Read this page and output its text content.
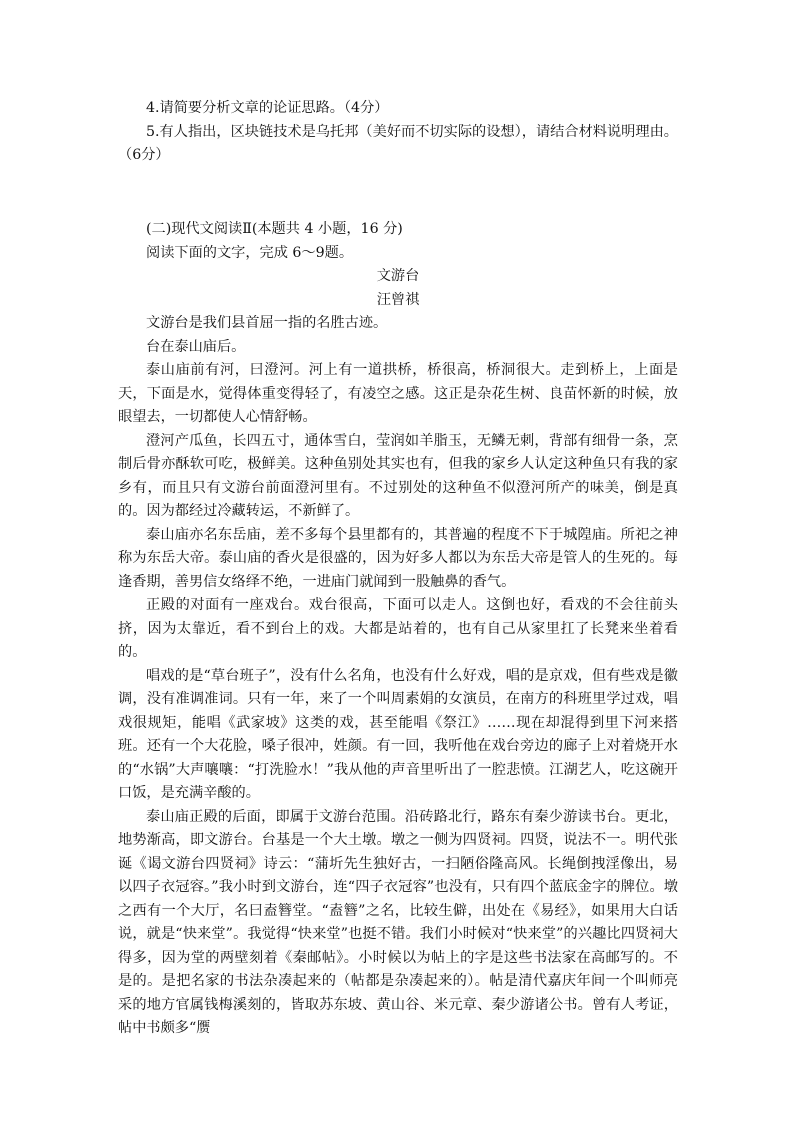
4.请简要分析文章的论证思路。（4分）

5.有人指出，区块链技术是乌托邦（美好而不切实际的设想），请结合材料说明理由。（6分）

(二)现代文阅读Ⅱ(本题共 4 小题，16 分)

阅读下面的文字，完成 6～9题。

文游台

汪曾祺

文游台是我们县首屈一指的名胜古迹。

台在泰山庙后。

泰山庙前有河，曰澄河。河上有一道拱桥，桥很高，桥洞很大。走到桥上，上面是天，下面是水，觉得体重变得轻了，有凌空之感。这正是杂花生树、良苗怀新的时候，放眼望去，一切都使人心情舒畅。

澄河产瓜鱼，长四五寸，通体雪白，莹润如羊脂玉，无鳞无刺，背部有细骨一条，烹制后骨亦酥软可吃，极鲜美。这种鱼别处其实也有，但我的家乡人认定这种鱼只有我的家乡有，而且只有文游台前面澄河里有。不过别处的这种鱼不似澄河所产的味美，倒是真的。因为都经过冷藏转运，不新鲜了。

泰山庙亦名东岳庙，差不多每个县里都有的，其普遍的程度不下于城隍庙。所祀之神称为东岳大帝。泰山庙的香火是很盛的，因为好多人都以为东岳大帝是管人的生死的。每逢香期，善男信女络绎不绝，一进庙门就闻到一股触鼻的香气。

正殿的对面有一座戏台。戏台很高，下面可以走人。这倒也好，看戏的不会往前头挤，因为太靠近，看不到台上的戏。大都是站着的，也有自己从家里扛了长凳来坐着看的。

唱戏的是“草台班子”，没有什么名角，也没有什么好戏，唱的是京戏，但有些戏是徽调，没有准调准词。只有一年，来了一个叫周素娟的女演员，在南方的科班里学过戏，唱戏很规矩，能唱《武家坡》这类的戏，甚至能唱《祭江》……现在却混得到里下河来搭班。还有一个大花脸，嗓子很冲，姓颜。有一回，我听他在戏台旁边的廊子上对着烧开水的“水锅”大声嚷嚷：“打洗脸水！”我从他的声音里听出了一腔悲愤。江湖艺人，吃这碗开口饭，是充满辛酸的。

泰山庙正殿的后面，即属于文游台范围。沿砖路北行，路东有秦少游读书台。更北，地势渐高，即文游台。台基是一个大土墩。墩之一侧为四贤祠。四贤，说法不一。明代张诞《谒文游台四贤祠》诗云：“蒲圻先生独好古，一扫陋俗隆高风。长绳倒拽淫像出，易以四子衣冠容。”我小时到文游台，连“四子衣冠容”也没有，只有四个蓝底金字的牌位。墩之西有一个大厅，名曰盍簪堂。“盍簪”之名，比较生僻，出处在《易经》，如果用大白话说，就是“快来堂”。我觉得“快来堂”也挺不错。我们小时候对“快来堂”的兴趣比四贤祠大得多，因为堂的两壁刻着《秦邮帖》。小时候以为帖上的字是这些书法家在高邮写的。不是的。是把名家的书法杂凑起来的（帖都是杂凑起来的）。帖是清代嘉庆年间一个叫师亮采的地方官属钱梅溪刻的，皆取苏东坡、黄山谷、米元章、秦少游诸公书。曾有人考证，帖中书颇多“赝
